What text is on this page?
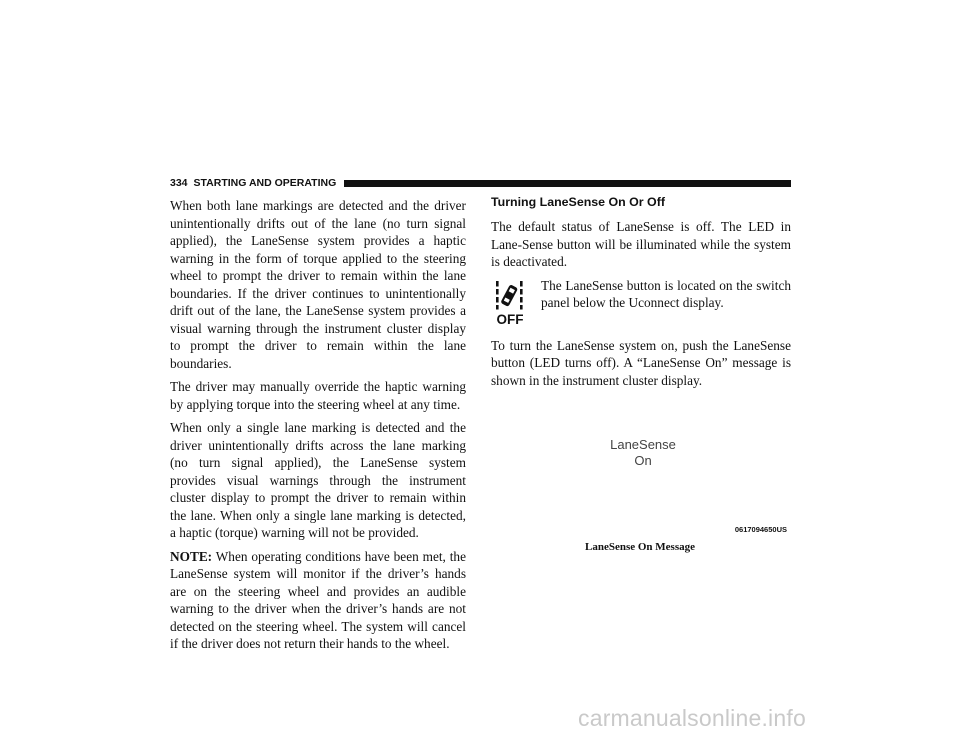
334 STARTING AND OPERATING

When both lane markings are detected and the driver unintentionally drifts out of the lane (no turn signal applied), the LaneSense system provides a haptic warning in the form of torque applied to the steering wheel to prompt the driver to remain within the lane boundaries. If the driver continues to unintentionally drift out of the lane, the LaneSense system provides a visual warning through the instrument cluster display to prompt the driver to remain within the lane boundaries.

The driver may manually override the haptic warning by applying torque into the steering wheel at any time.

When only a single lane marking is detected and the driver unintentionally drifts across the lane marking (no turn signal applied), the LaneSense system provides visual warnings through the instrument cluster display to prompt the driver to remain within the lane. When only a single lane marking is detected, a haptic (torque) warning will not be provided.

NOTE: When operating conditions have been met, the LaneSense system will monitor if the driver’s hands are on the steering wheel and provides an audible warning to the driver when the driver’s hands are not detected on the steering wheel. The system will cancel if the driver does not return their hands to the wheel.

Turning LaneSense On Or Off

The default status of LaneSense is off. The LED in Lane-Sense button will be illuminated while the system is deactivated.

OFF

The LaneSense button is located on the switch panel below the Uconnect display.

To turn the LaneSense system on, push the LaneSense button (LED turns off). A “LaneSense On” message is shown in the instrument cluster display.

LaneSense
On
0617094650US
LaneSense On Message
carmanualsonline.info
